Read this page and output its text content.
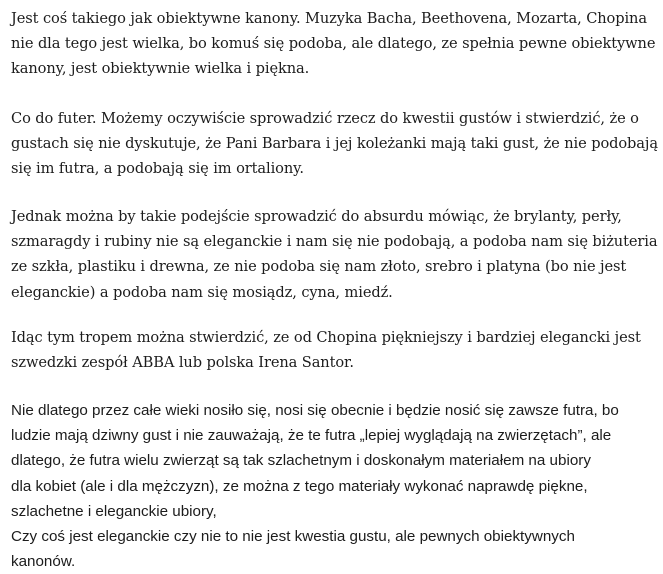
Jest coś takiego jak obiektywne kanony. Muzyka Bacha, Beethovena, Mozarta, Chopina
nie dla tego jest wielka, bo komuś się podoba, ale dlatego, ze spełnia pewne obiektywne
kanony, jest obiektywnie wielka i piękna.

Co do futer. Możemy oczywiście sprowadzić rzecz do kwestii gustów i stwierdzić, że o
gustach się nie dyskutuje, że Pani Barbara i jej koleżanki mają taki gust, że nie podobają
się im futra, a podobają się im ortaliony.

Jednak można by takie podejście sprowadzić do absurdu mówiąc, że brylanty, perły,
szmaragdy i rubiny nie są eleganckie i nam się nie podobają, a podoba nam się biżuteria
ze szkła, plastiku i drewna, ze nie podoba się nam złoto, srebro i platyna (bo nie jest
eleganckie) a podoba nam się mosiądz, cyna, miedź.

Idąc tym tropem można stwierdzić, ze od Chopina piękniejszy i bardziej elegancki jest
szwedzki zespół ABBA lub polska Irena Santor.

Nie dlatego przez całe wieki nosiło się, nosi się obecnie i będzie nosić się zawsze futra, bo
ludzie mają dziwny gust i nie zauważają, że te futra „lepiej wyglądają na zwierzętach”, ale
dlatego, że futra wielu zwierząt są tak szlachetnym i doskonałym materiałem na ubiory
dla kobiet (ale i dla mężczyzn), ze można z tego materiały wykonać naprawdę piękne,
szlachetne i eleganckie ubiory,
Czy coś jest eleganckie czy nie to nie jest kwestia gustu, ale pewnych obiektywnych
kanonów.
